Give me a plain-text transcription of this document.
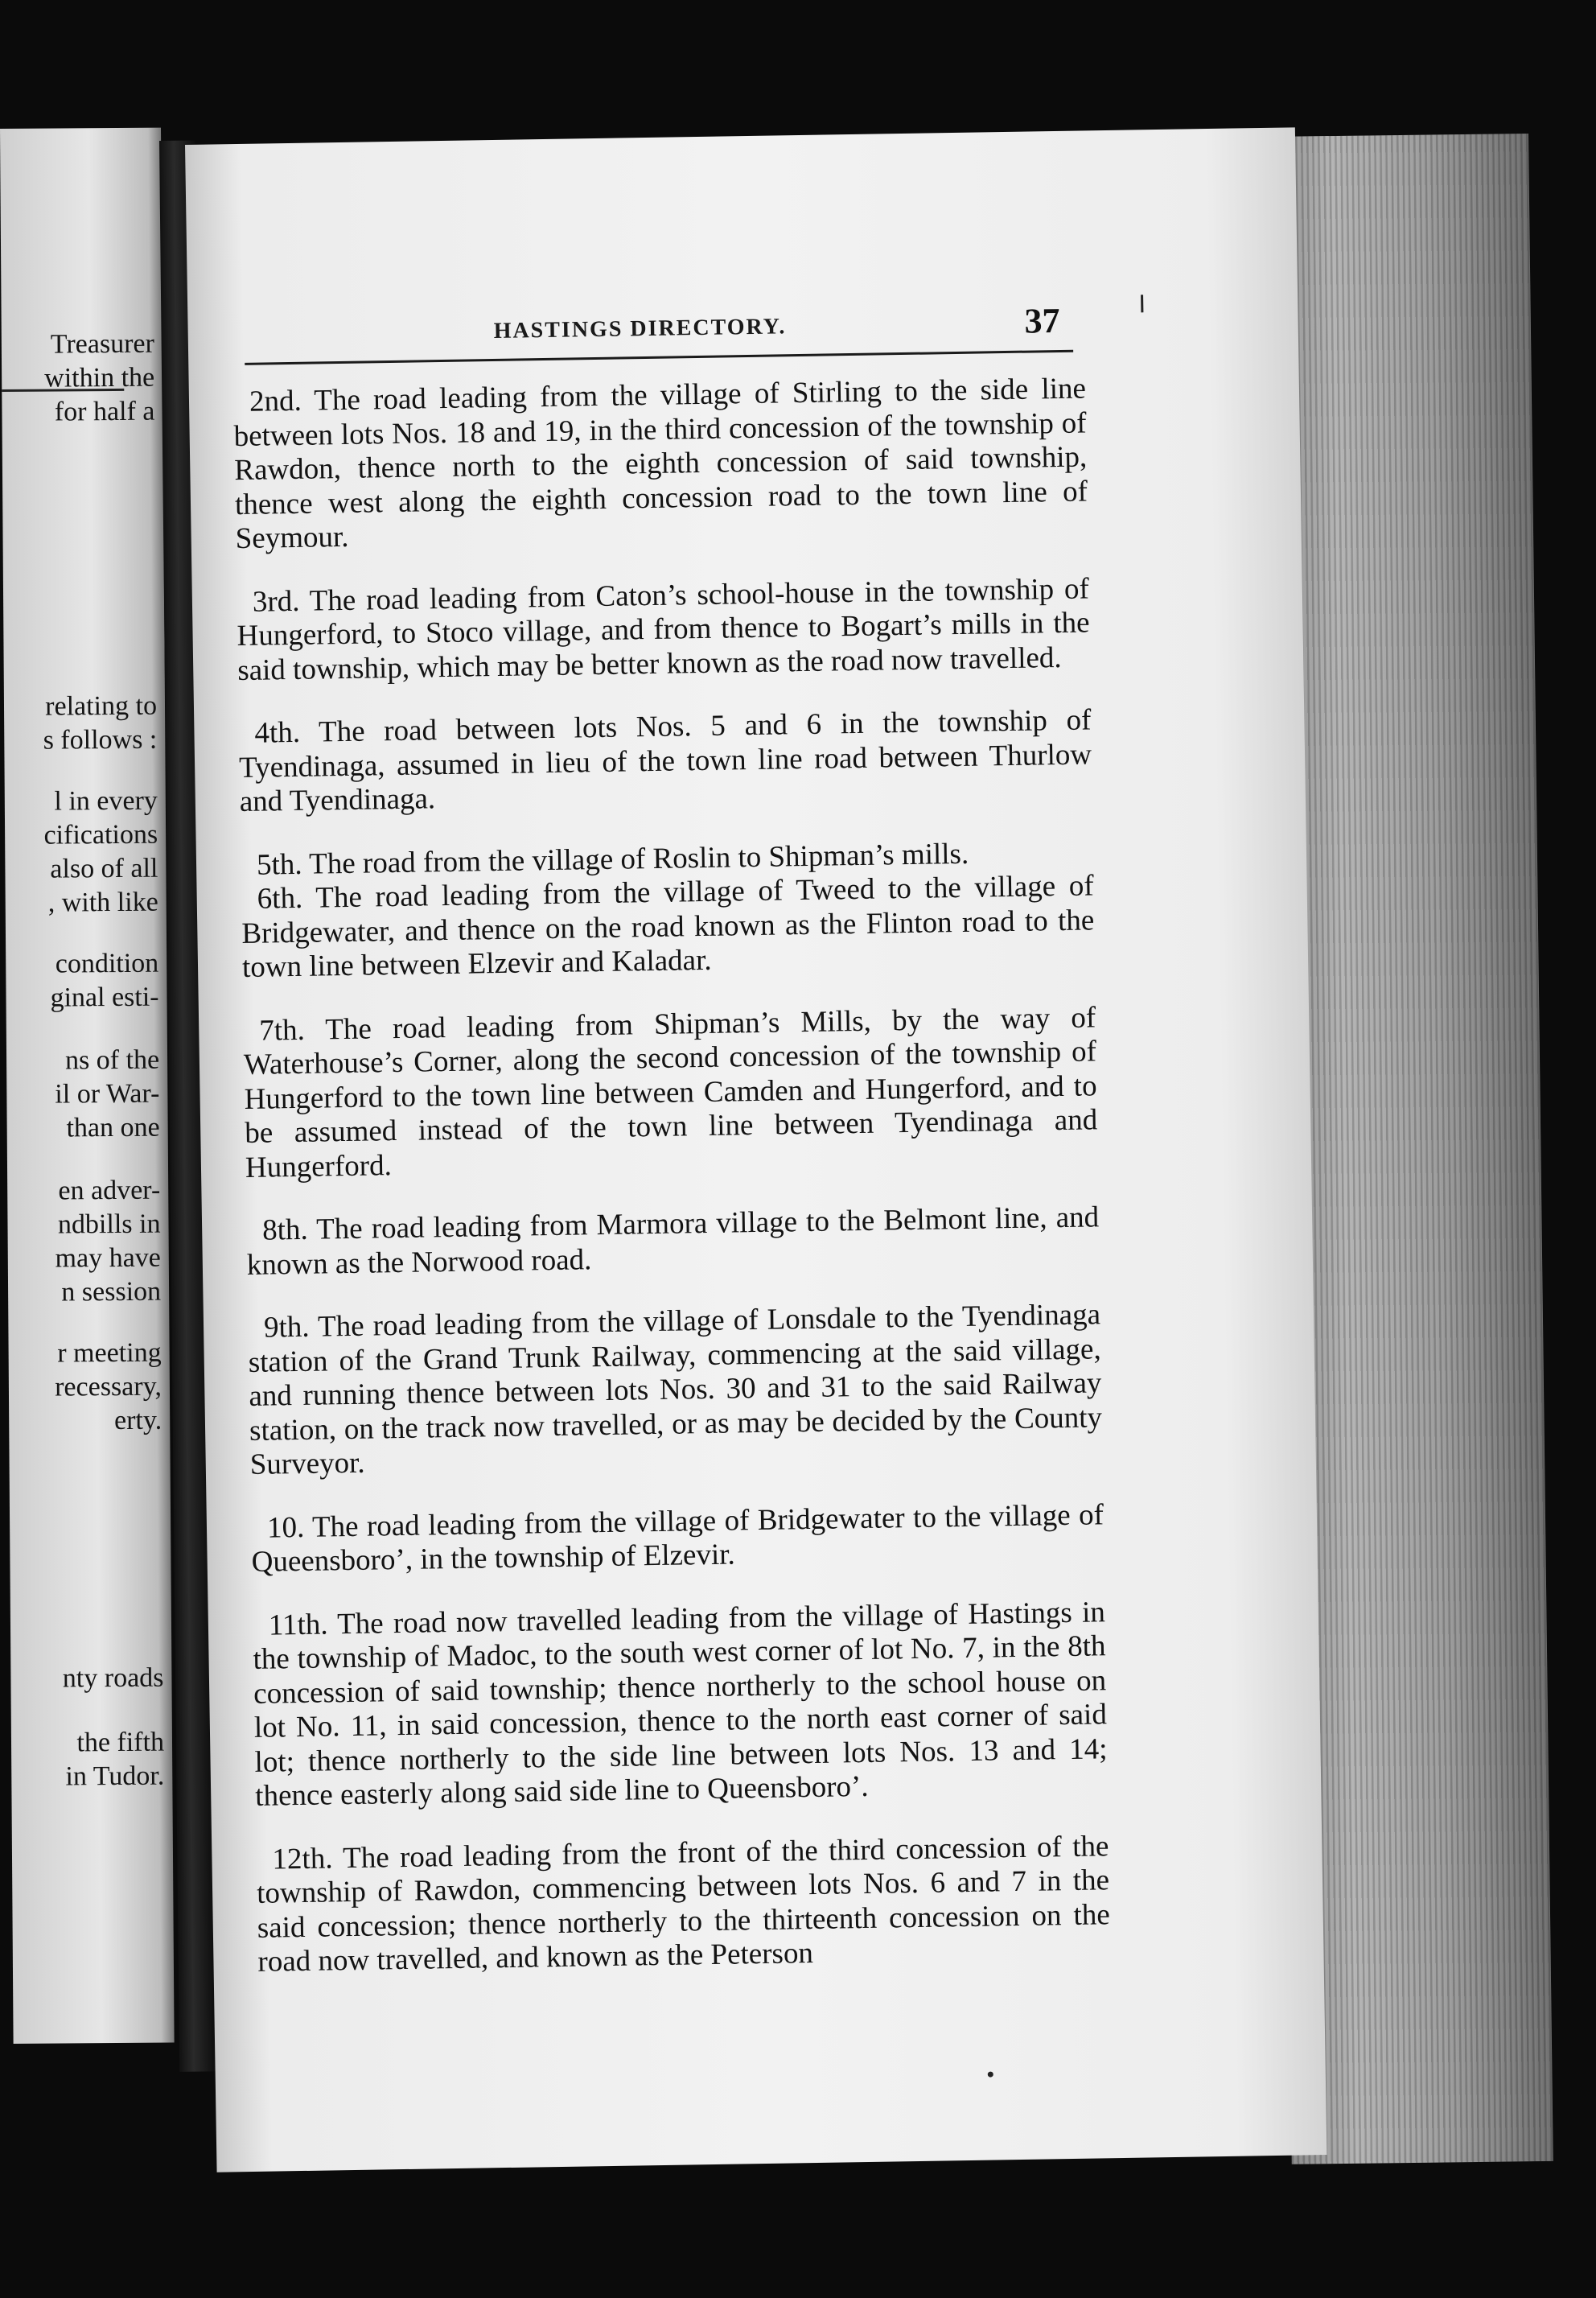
Treasurer
within the
for half a
relating to
s follows :
l in every
cifications
also of all
, with like
condition
ginal esti-
ns of the
il or War-
than one
en adver-
ndbills in
may have
n session
r meeting
recessary,
erty.
nty roads
the fifth
in Tudor.
HASTINGS DIRECTORY.	37

2nd. The road leading from the village of Stirling to the side line between lots Nos. 18 and 19, in the third concession of the township of Rawdon, thence north to the eighth concession of said township, thence west along the eighth concession road to the town line of Seymour.

3rd. The road leading from Caton’s school-house in the township of Hungerford, to Stoco village, and from thence to Bogart’s mills in the said township, which may be better known as the road now travelled.

4th. The road between lots Nos. 5 and 6 in the township of Tyendinaga, assumed in lieu of the town line road between Thurlow and Tyendinaga.

5th. The road from the village of Roslin to Shipman’s mills.

6th. The road leading from the village of Tweed to the village of Bridgewater, and thence on the road known as the Flinton road to the town line between Elzevir and Kaladar.

7th. The road leading from Shipman’s Mills, by the way of Waterhouse’s Corner, along the second concession of the township of Hungerford to the town line between Camden and Hungerford, and to be assumed instead of the town line between Tyendinaga and Hungerford.

8th. The road leading from Marmora village to the Belmont line, and known as the Norwood road.

9th. The road leading from the village of Lonsdale to the Tyendinaga station of the Grand Trunk Railway, commencing at the said village, and running thence between lots Nos. 30 and 31 to the said Railway station, on the track now travelled, or as may be decided by the County Surveyor.

10. The road leading from the village of Bridgewater to the village of Queensboro’, in the township of Elzevir.

11th. The road now travelled leading from the village of Hastings in the township of Madoc, to the south west corner of lot No. 7, in the 8th concession of said township; thence northerly to the school house on lot No. 11, in said concession, thence to the north east corner of said lot; thence northerly to the side line between lots Nos. 13 and 14; thence easterly along said side line to Queensboro’.

12th. The road leading from the front of the third concession of the township of Rawdon, commencing between lots Nos. 6 and 7 in the said concession; thence northerly to the thirteenth concession on the road now travelled, and known as the Peterson
